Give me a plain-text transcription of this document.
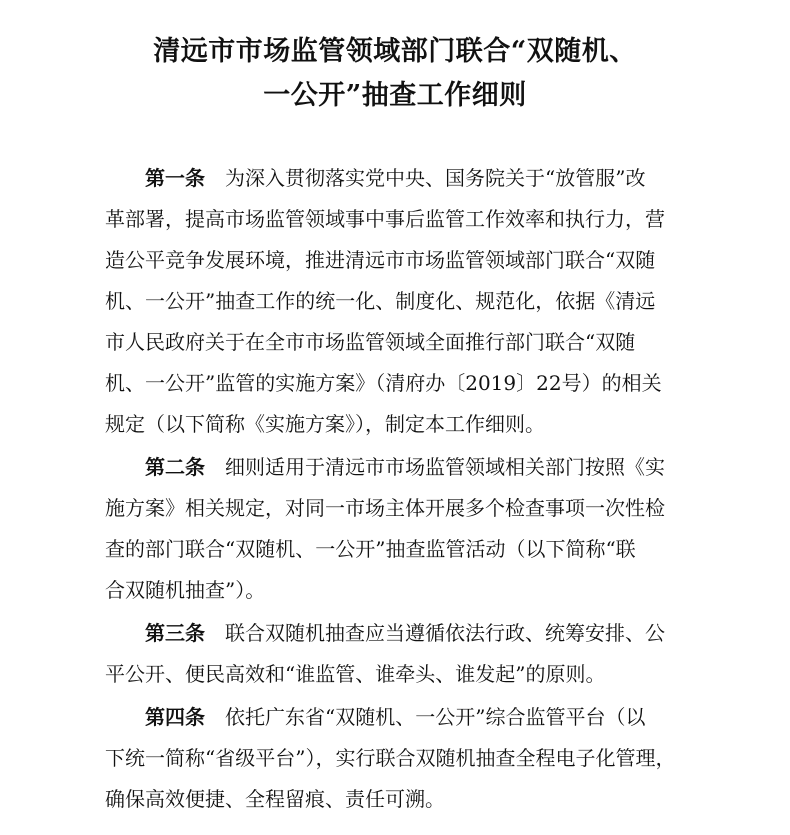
清远市市场监管领域部门联合“双随机、
一公开”抽查工作细则
第一条 为深入贯彻落实党中央、国务院关于“放管服”改
革部署，提高市场监管领域事中事后监管工作效率和执行力，营
造公平竞争发展环境，推进清远市市场监管领域部门联合“双随
机、一公开”抽查工作的统一化、制度化、规范化，依据《清远
市人民政府关于在全市市场监管领域全面推行部门联合“双随
机、一公开”监管的实施方案》（清府办〔2019〕22号）的相关
规定（以下简称《实施方案》），制定本工作细则。
第二条 细则适用于清远市市场监管领域相关部门按照《实
施方案》相关规定，对同一市场主体开展多个检查事项一次性检
查的部门联合“双随机、一公开”抽查监管活动（以下简称“联
合双随机抽查”）。
第三条 联合双随机抽查应当遵循依法行政、统筹安排、公
平公开、便民高效和“谁监管、谁牵头、谁发起”的原则。
第四条 依托广东省“双随机、一公开”综合监管平台（以
下统一简称“省级平台”），实行联合双随机抽查全程电子化管理，
确保高效便捷、全程留痕、责任可溯。
